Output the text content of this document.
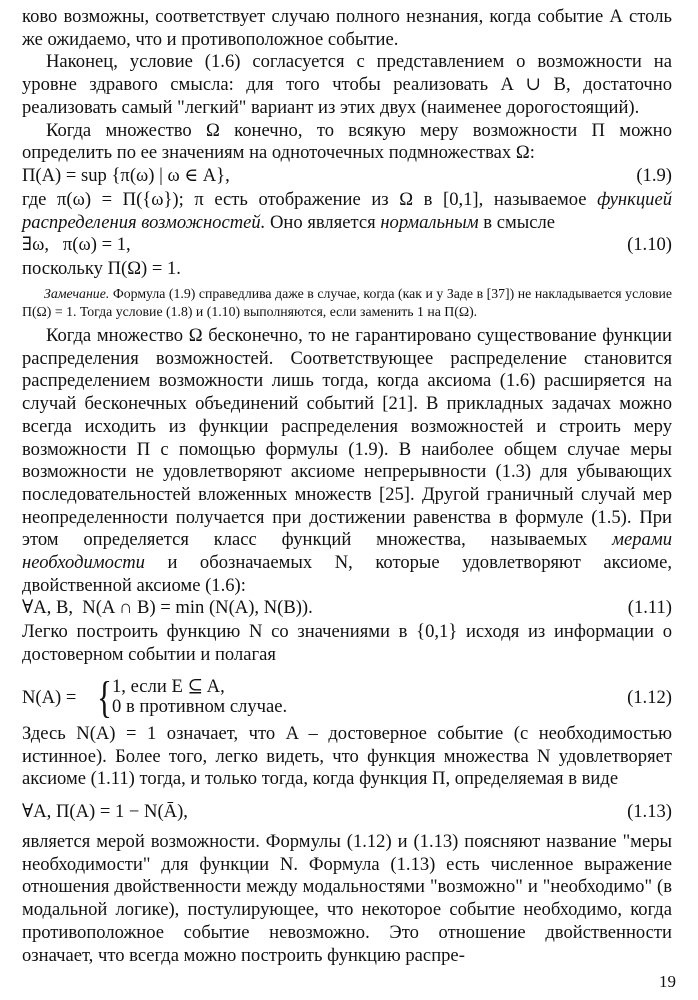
ково возможны, соответствует случаю полного незнания, когда событие А столь же ожидаемо, что и противоположное событие.

Наконец, условие (1.6) согласуется с представлением о возможности на уровне здравого смысла: для того чтобы реализовать A ∪ B, достаточно реализовать самый "легкий" вариант из этих двух (наименее дорогостоящий).

Когда множество Ω конечно, то всякую меру возможности Π можно определить по ее значениям на одноточечных подмножествах Ω:

Π(A) = sup {π(ω) | ω ∈ A},	(1.9)

где π(ω) = Π({ω}); π есть отображение из Ω в [0,1], называемое функцией распределения возможностей. Оно является нормальным в смысле

∃ω,   π(ω) = 1,	(1.10)

поскольку Π(Ω) = 1.

Замечание. Формула (1.9) справедлива даже в случае, когда (как и у Заде в [37]) не накладывается условие Π(Ω) = 1. Тогда условие (1.8) и (1.10) выполняются, если заменить 1 на Π(Ω).

Когда множество Ω бесконечно, то не гарантировано существование функции распределения возможностей. Соответствующее распределение становится распределением возможности лишь тогда, когда аксиома (1.6) расширяется на случай бесконечных объединений событий [21]. В прикладных задачах можно всегда исходить из функции распределения возможностей и строить меру возможности Π с помощью формулы (1.9). В наиболее общем случае меры возможности не удовлетворяют аксиоме непрерывности (1.3) для убывающих последовательностей вложенных множеств [25]. Другой граничный случай мер неопределенности получается при достижении равенства в формуле (1.5). При этом определяется класс функций множества, называемых мерами необходимости и обозначаемых N, которые удовлетворяют аксиоме, двойственной аксиоме (1.6):

∀A, B,  N(A ∩ B) = min (N(A), N(B)).	(1.11)

Легко построить функцию N со значениями в {0,1} исходя из информации о достоверном событии и полагая

N(A) = { 1, если E ⊆ A,
0 в противном случае.	(1.12)

Здесь N(A) = 1 означает, что A – достоверное событие (с необходимостью истинное). Более того, легко видеть, что функция множества N удовлетворяет аксиоме (1.11) тогда, и только тогда, когда функция Π, определяемая в виде

∀A, Π(A) = 1 − N(Ā),	(1.13)

является мерой возможности. Формулы (1.12) и (1.13) поясняют название "меры необходимости" для функции N. Формула (1.13) есть численное выражение отношения двойственности между модальностями "возможно" и "необходимо" (в модальной логике), постулирующее, что некоторое событие необходимо, когда противоположное событие невозможно. Это отношение двойственности означает, что всегда можно построить функцию распре-

19
